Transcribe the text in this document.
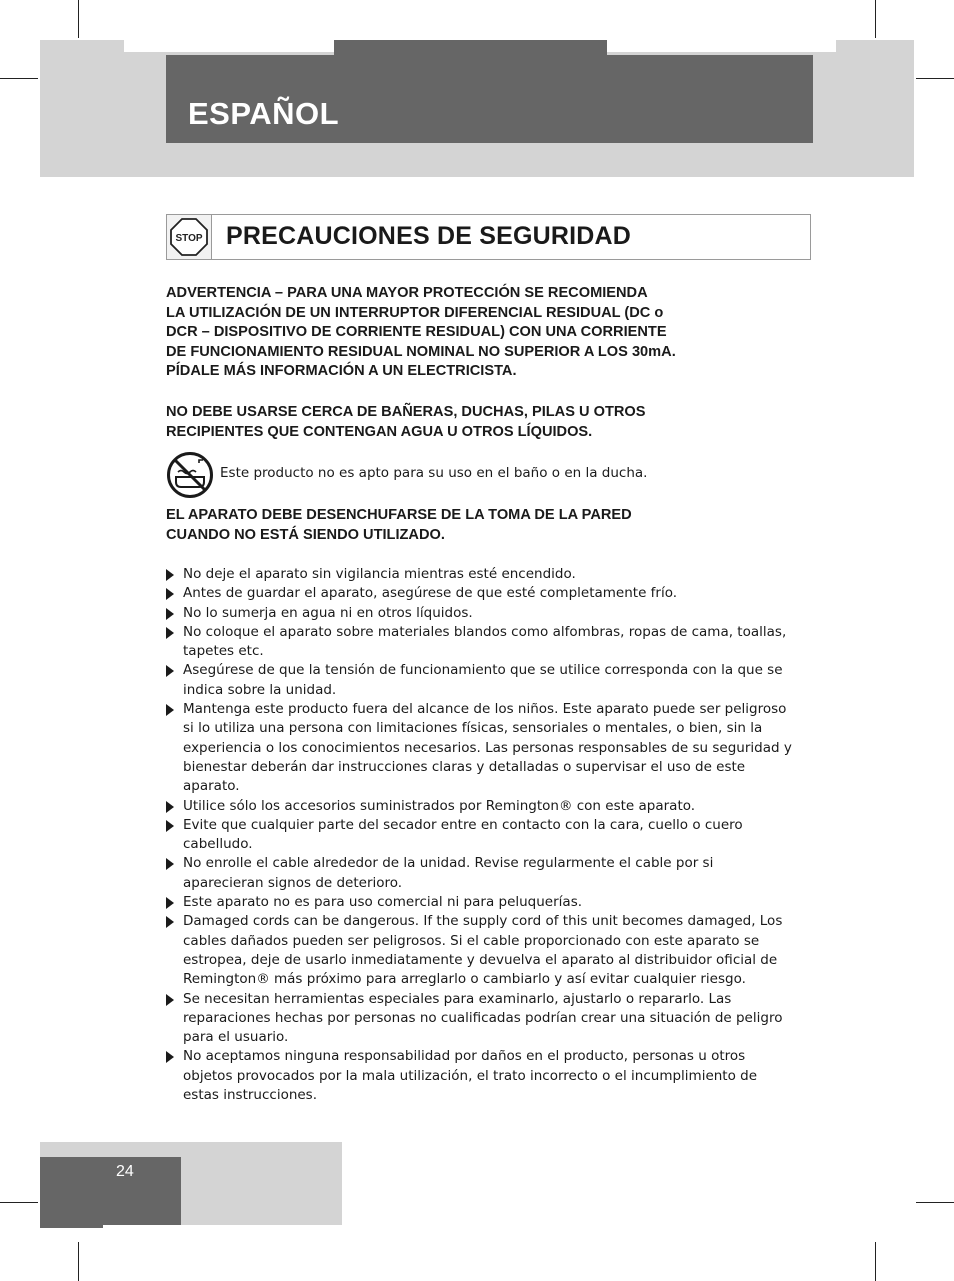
ESPAÑOL
STOP PRECAUCIONES DE SEGURIDAD
ADVERTENCIA – PARA UNA MAYOR PROTECCIÓN SE RECOMIENDA
LA UTILIZACIÓN DE UN INTERRUPTOR DIFERENCIAL RESIDUAL (DC o
DCR – DISPOSITIVO DE CORRIENTE RESIDUAL) CON UNA CORRIENTE
DE FUNCIONAMIENTO RESIDUAL NOMINAL NO SUPERIOR A LOS 30mA.
PÍDALE MÁS INFORMACIÓN A UN ELECTRICISTA.
NO DEBE USARSE CERCA DE BAÑERAS, DUCHAS, PILAS U OTROS
RECIPIENTES QUE CONTENGAN AGUA U OTROS LÍQUIDOS.
Este producto no es apto para su uso en el baño o en la ducha.
EL APARATO DEBE DESENCHUFARSE DE LA TOMA DE LA PARED
CUANDO NO ESTÁ SIENDO UTILIZADO.
No deje el aparato sin vigilancia mientras esté encendido.
Antes de guardar el aparato, asegúrese de que esté completamente frío.
No lo sumerja en agua ni en otros líquidos.
No coloque el aparato sobre materiales blandos como alfombras, ropas de cama, toallas, tapetes etc.
Asegúrese de que la tensión de funcionamiento que se utilice corresponda con la que se indica sobre la unidad.
Mantenga este producto fuera del alcance de los niños. Este aparato puede ser peligroso si lo utiliza una persona con limitaciones físicas, sensoriales o mentales, o bien, sin la experiencia o los conocimientos necesarios. Las personas responsables de su seguridad y bienestar deberán dar instrucciones claras y detalladas o supervisar el uso de este aparato.
Utilice sólo los accesorios suministrados por Remington® con este aparato.
Evite que cualquier parte del secador entre en contacto con la cara, cuello o cuero cabelludo.
No enrolle el cable alrededor de la unidad. Revise regularmente el cable por si aparecieran signos de deterioro.
Este aparato no es para uso comercial ni para peluquerías.
Damaged cords can be dangerous. If the supply cord of this unit becomes damaged, Los cables dañados pueden ser peligrosos. Si el cable proporcionado con este aparato se estropea, deje de usarlo inmediatamente y devuelva el aparato al distribuidor oficial de Remington® más próximo para arreglarlo o cambiarlo y así evitar cualquier riesgo.
Se necesitan herramientas especiales para examinarlo, ajustarlo o repararlo. Las reparaciones hechas por personas no cualificadas podrían crear una situación de peligro para el usuario.
No aceptamos ninguna responsabilidad por daños en el producto, personas u otros objetos provocados por la mala utilización, el trato incorrecto o el incumplimiento de estas instrucciones.
24
